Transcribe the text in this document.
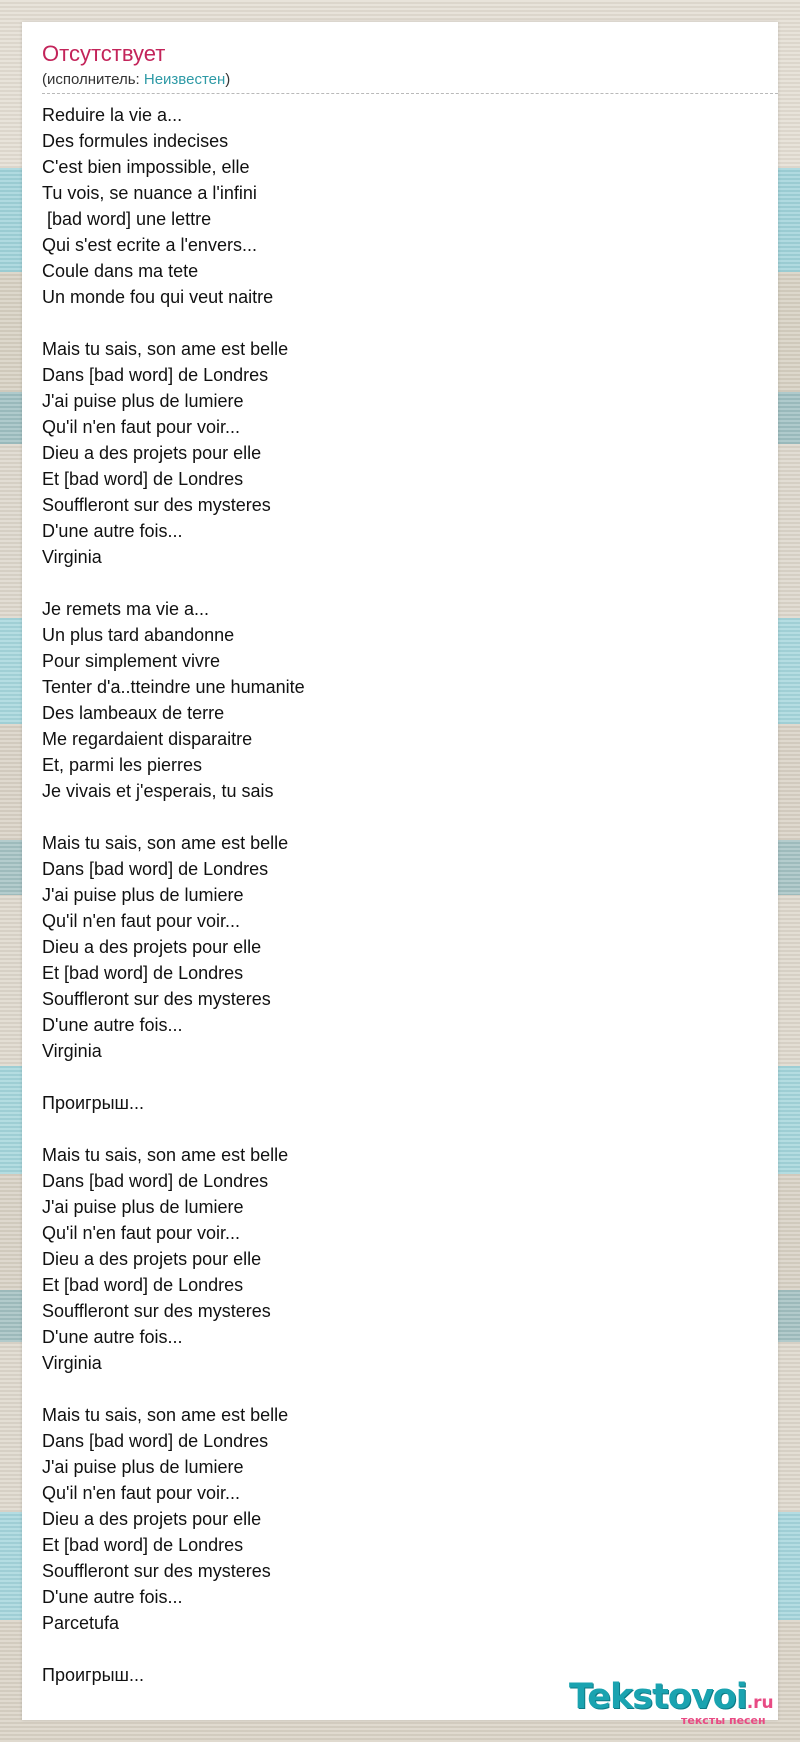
Отсутствует
(исполнитель: Неизвестен)
Reduire la vie a...
Des formules indecises
C'est bien impossible, elle
Tu vois, se nuance a l'infini
[bad word] une lettre
Qui s'est ecrite a l'envers...
Coule dans ma tete
Un monde fou qui veut naitre
Mais tu sais, son ame est belle
Dans [bad word] de Londres
J'ai puise plus de lumiere
Qu'il n'en faut pour voir...
Dieu a des projets pour elle
Et [bad word] de Londres
Souffleront sur des mysteres
D'une autre fois...
Virginia
Je remets ma vie a...
Un plus tard abandonne
Pour simplement vivre
Tenter d'a..tteindre une humanite
Des lambeaux de terre
Me regardaient disparaitre
Et, parmi les pierres
Je vivais et j'esperais, tu sais
Mais tu sais, son ame est belle
Dans [bad word] de Londres
J'ai puise plus de lumiere
Qu'il n'en faut pour voir...
Dieu a des projets pour elle
Et [bad word] de Londres
Souffleront sur des mysteres
D'une autre fois...
Virginia
Проигрыш...
Mais tu sais, son ame est belle
Dans [bad word] de Londres
J'ai puise plus de lumiere
Qu'il n'en faut pour voir...
Dieu a des projets pour elle
Et [bad word] de Londres
Souffleront sur des mysteres
D'une autre fois...
Virginia
Mais tu sais, son ame est belle
Dans [bad word] de Londres
J'ai puise plus de lumiere
Qu'il n'en faut pour voir...
Dieu a des projets pour elle
Et [bad word] de Londres
Souffleront sur des mysteres
D'une autre fois...
Parcetufa
Проигрыш...
Tekstovoi.ru
тексты песен
